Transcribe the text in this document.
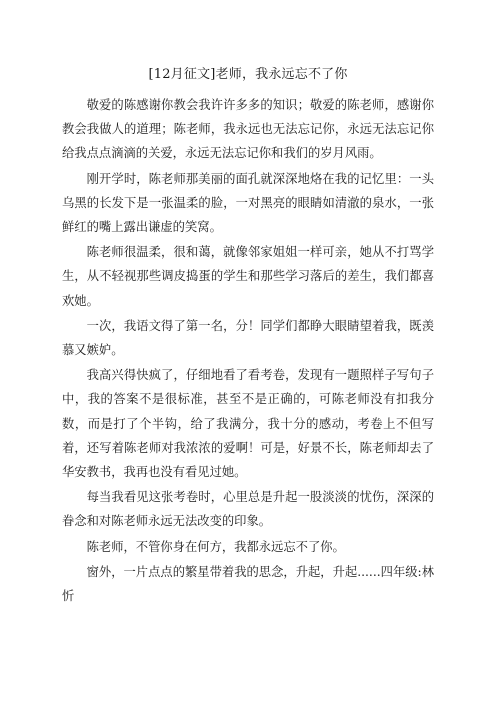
[12月征文]老师，我永远忘不了你

敬爱的陈感谢你教会我许许多多的知识；敬爱的陈老师，感谢你教会我做人的道理；陈老师，我永远也无法忘记你，永远无法忘记你给我点点滴滴的关爱，永远无法忘记你和我们的岁月风雨。

刚开学时，陈老师那美丽的面孔就深深地烙在我的记忆里：一头乌黑的长发下是一张温柔的脸，一对黑亮的眼睛如清澈的泉水，一张鲜红的嘴上露出谦虚的笑窝。

陈老师很温柔，很和蔼，就像邻家姐姐一样可亲，她从不打骂学生，从不轻视那些调皮捣蛋的学生和那些学习落后的差生，我们都喜欢她。

一次，我语文得了第一名，分！同学们都睁大眼睛望着我，既羡慕又嫉妒。

我高兴得快疯了，仔细地看了看考卷，发现有一题照样子写句子中，我的答案不是很标准，甚至不是正确的，可陈老师没有扣我分数，而是打了个半钩，给了我满分，我十分的感动，考卷上不但写着，还写着陈老师对我浓浓的爱啊！可是，好景不长，陈老师却去了华安教书，我再也没有看见过她。

每当我看见这张考卷时，心里总是升起一股淡淡的忧伤，深深的眷念和对陈老师永远无法改变的印象。

陈老师，不管你身在何方，我都永远忘不了你。

窗外，一片点点的繁星带着我的思念，升起，升起......四年级:林忻
